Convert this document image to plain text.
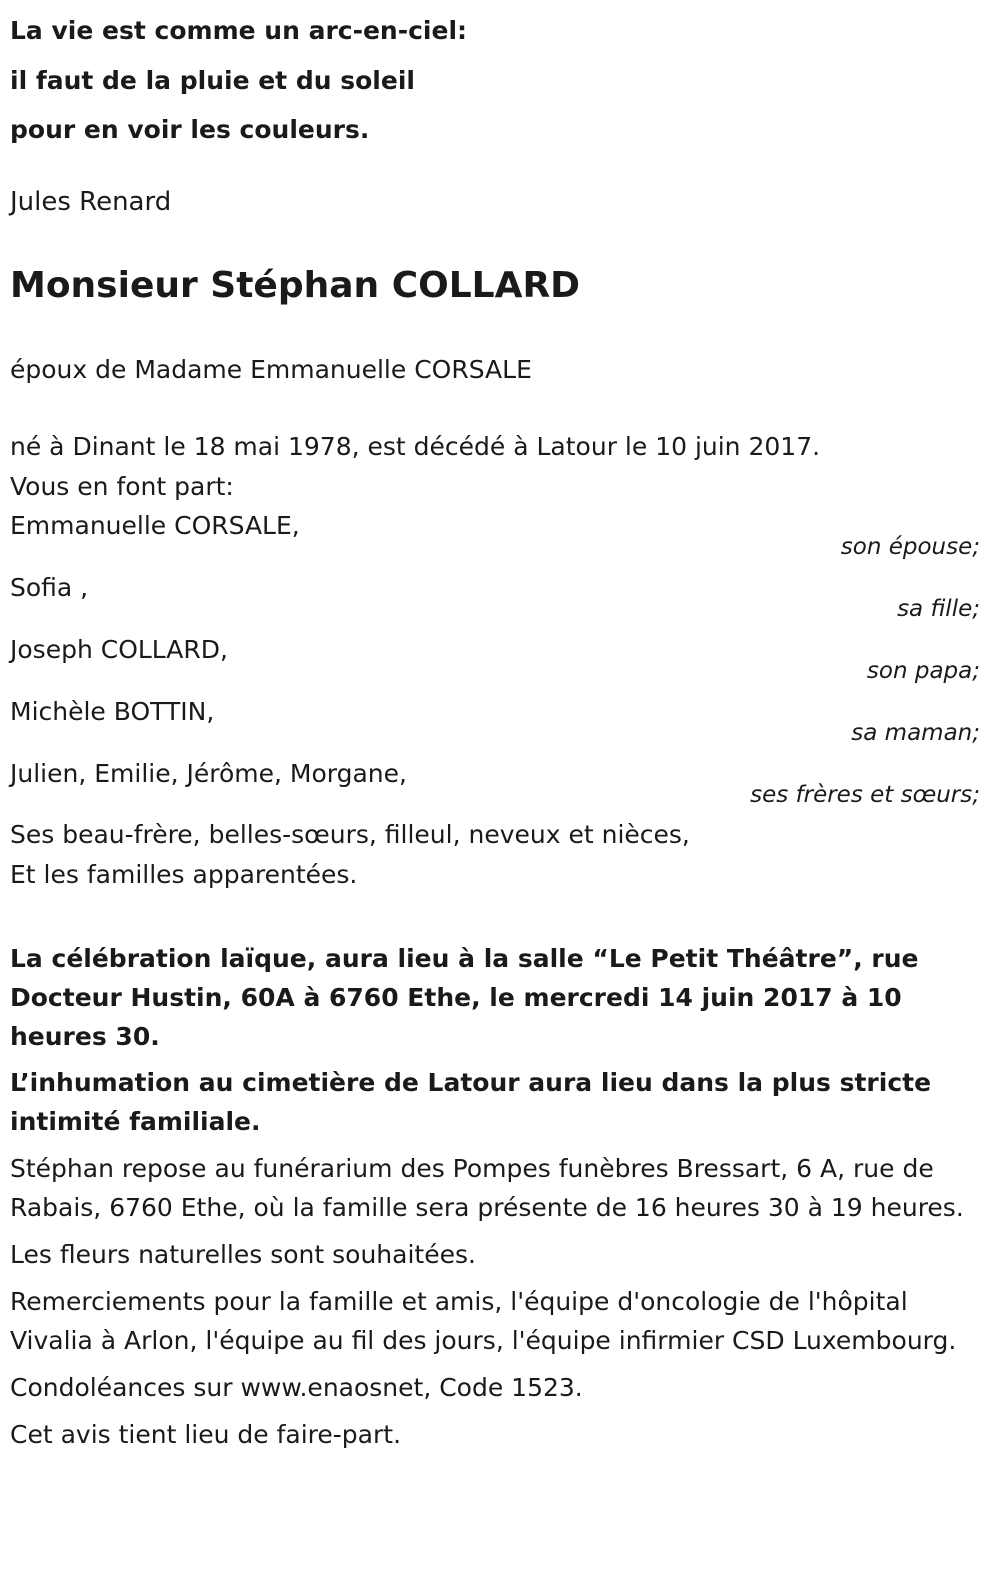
La vie est comme un arc-en-ciel:
il faut de la pluie et du soleil
pour en voir les couleurs.
Jules Renard
Monsieur Stéphan COLLARD
époux de Madame Emmanuelle CORSALE
né à Dinant le 18 mai 1978, est décédé à Latour le 10 juin 2017.
Vous en font part:
Emmanuelle CORSALE,
son épouse;
Sofia ,
sa fille;
Joseph COLLARD,
son papa;
Michèle BOTTIN,
sa maman;
Julien, Emilie, Jérôme, Morgane,
ses frères et sœurs;
Ses beau-frère, belles-sœurs, filleul, neveux et nièces,
Et les familles apparentées.
La célébration laïque, aura lieu à la salle “Le Petit Théâtre”, rue Docteur Hustin, 60A à 6760 Ethe, le mercredi 14 juin 2017 à 10 heures 30.
L’inhumation au cimetière de Latour aura lieu dans la plus stricte intimité familiale.
Stéphan repose au funérarium des Pompes funèbres Bressart, 6 A, rue de Rabais, 6760 Ethe, où la famille sera présente de 16 heures 30 à 19 heures.
Les fleurs naturelles sont souhaitées.
Remerciements pour la famille et amis, l'équipe d'oncologie de l'hôpital Vivalia à Arlon, l'équipe au fil des jours, l'équipe infirmier CSD Luxembourg.
Condoléances sur www.enaosnet, Code 1523.
Cet avis tient lieu de faire-part.
